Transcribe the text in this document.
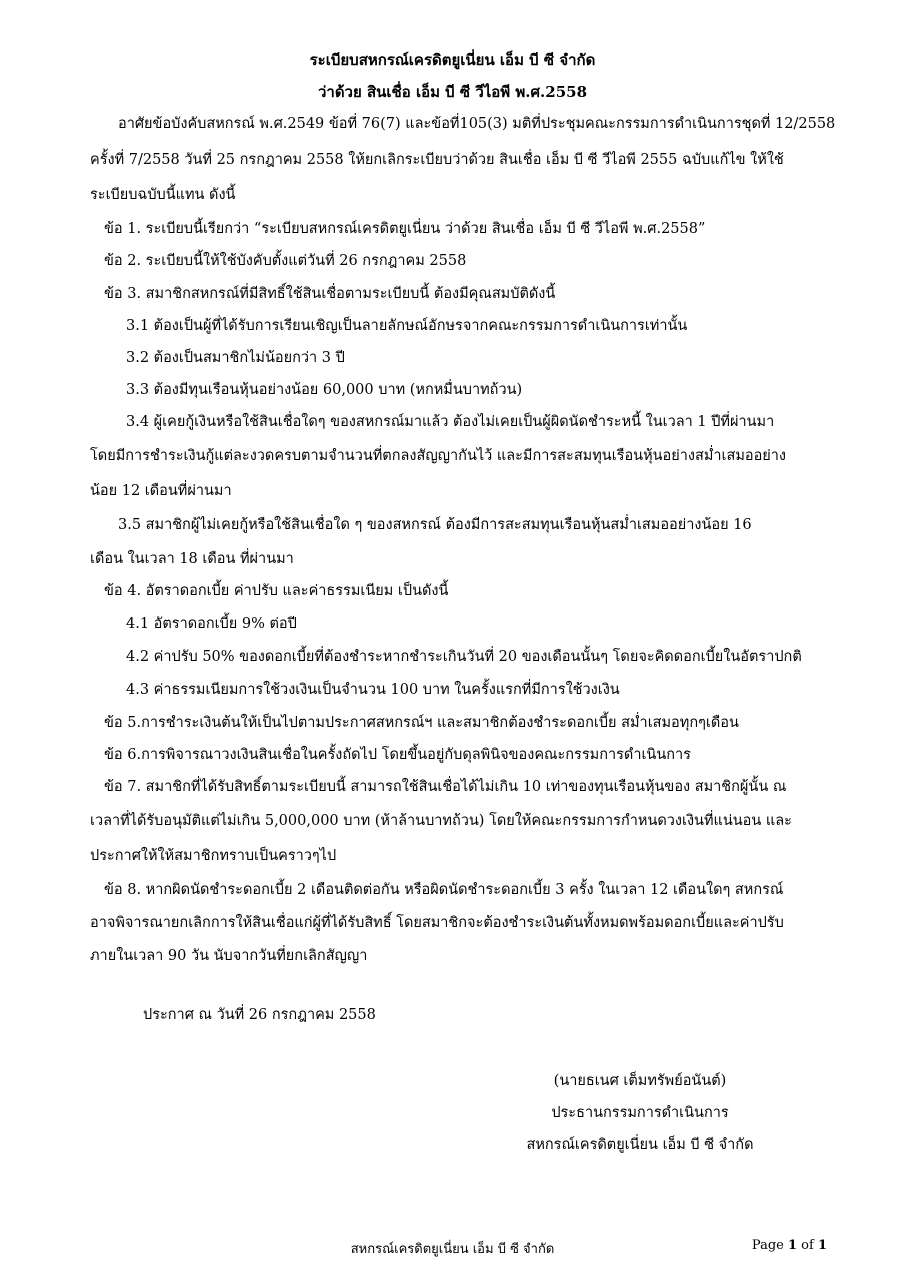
ระเบียบสหกรณ์เครดิตยูเนี่ยน เอ็ม บี ซี จำกัด
ว่าด้วย สินเชื่อ เอ็ม บี ซี วีไอพี พ.ศ.2558
อาศัยข้อบังคับสหกรณ์ พ.ศ.2549 ข้อที่ 76(7) และข้อที่105(3) มติที่ประชุมคณะกรรมการดำเนินการชุดที่ 12/2558
ครั้งที่ 7/2558 วันที่ 25 กรกฎาคม 2558 ให้ยกเลิกระเบียบว่าด้วย สินเชื่อ เอ็ม บี ซี วีไอพี 2555 ฉบับแก้ไข ให้ใช้
ระเบียบฉบับนี้แทน ดังนี้
ข้อ 1. ระเบียบนี้เรียกว่า “ระเบียบสหกรณ์เครดิตยูเนี่ยน ว่าด้วย สินเชื่อ เอ็ม บี ซี วีไอพี พ.ศ.2558”
ข้อ 2. ระเบียบนี้ให้ใช้บังคับตั้งแต่วันที่ 26 กรกฎาคม 2558
ข้อ 3. สมาชิกสหกรณ์ที่มีสิทธิ์ใช้สินเชื่อตามระเบียบนี้ ต้องมีคุณสมบัติดังนี้
3.1 ต้องเป็นผู้ที่ได้รับการเรียนเชิญเป็นลายลักษณ์อักษรจากคณะกรรมการดำเนินการเท่านั้น
3.2 ต้องเป็นสมาชิกไม่น้อยกว่า 3 ปี
3.3 ต้องมีทุนเรือนหุ้นอย่างน้อย 60,000 บาท (หกหมื่นบาทถ้วน)
3.4 ผู้เคยกู้เงินหรือใช้สินเชื่อใดๆ ของสหกรณ์มาแล้ว ต้องไม่เคยเป็นผู้ผิดนัดชำระหนี้ ในเวลา 1 ปีที่ผ่านมา
โดยมีการชำระเงินกู้แต่ละงวดครบตามจำนวนที่ตกลงสัญญากันไว้ และมีการสะสมทุนเรือนหุ้นอย่างสม่ำเสมออย่าง
น้อย 12 เดือนที่ผ่านมา
3.5 สมาชิกผู้ไม่เคยกู้หรือใช้สินเชื่อใด ๆ ของสหกรณ์ ต้องมีการสะสมทุนเรือนหุ้นสม่ำเสมออย่างน้อย 16
เดือน ในเวลา 18 เดือน ที่ผ่านมา
ข้อ 4. อัตราดอกเบี้ย ค่าปรับ และค่าธรรมเนียม เป็นดังนี้
4.1 อัตราดอกเบี้ย 9% ต่อปี
4.2 ค่าปรับ 50% ของดอกเบี้ยที่ต้องชำระหากชำระเกินวันที่ 20 ของเดือนนั้นๆ โดยจะคิดดอกเบี้ยในอัตราปกติ
4.3 ค่าธรรมเนียมการใช้วงเงินเป็นจำนวน 100 บาท ในครั้งแรกที่มีการใช้วงเงิน
ข้อ 5.การชำระเงินต้นให้เป็นไปตามประกาศสหกรณ์ฯ และสมาชิกต้องชำระดอกเบี้ย สม่ำเสมอทุกๆเดือน
ข้อ 6.การพิจารณาวงเงินสินเชื่อในครั้งถัดไป โดยขึ้นอยู่กับดุลพินิจของคณะกรรมการดำเนินการ
ข้อ 7. สมาชิกที่ได้รับสิทธิ์ตามระเบียบนี้ สามารถใช้สินเชื่อได้ไม่เกิน 10 เท่าของทุนเรือนหุ้นของ สมาชิกผู้นั้น ณ
เวลาที่ได้รับอนุมัติแต่ไม่เกิน 5,000,000 บาท (ห้าล้านบาทถ้วน) โดยให้คณะกรรมการกำหนดวงเงินที่แน่นอน และ
ประกาศให้ให้สมาชิกทราบเป็นคราวๆไป
ข้อ 8. หากผิดนัดชำระดอกเบี้ย 2 เดือนติดต่อกัน หรือผิดนัดชำระดอกเบี้ย 3 ครั้ง ในเวลา 12 เดือนใดๆ สหกรณ์
อาจพิจารณายกเลิกการให้สินเชื่อแก่ผู้ที่ได้รับสิทธิ์ โดยสมาชิกจะต้องชำระเงินต้นทั้งหมดพร้อมดอกเบี้ยและค่าปรับ
ภายในเวลา 90 วัน นับจากวันที่ยกเลิกสัญญา
ประกาศ ณ วันที่ 26 กรกฎาคม 2558
(นายธเนศ เต็มทรัพย์อนันต์)
ประธานกรรมการดำเนินการ
สหกรณ์เครดิตยูเนี่ยน เอ็ม บี ซี จำกัด
สหกรณ์เครดิตยูเนี่ยน เอ็ม บี ซี จำกัด	Page 1 of 1
